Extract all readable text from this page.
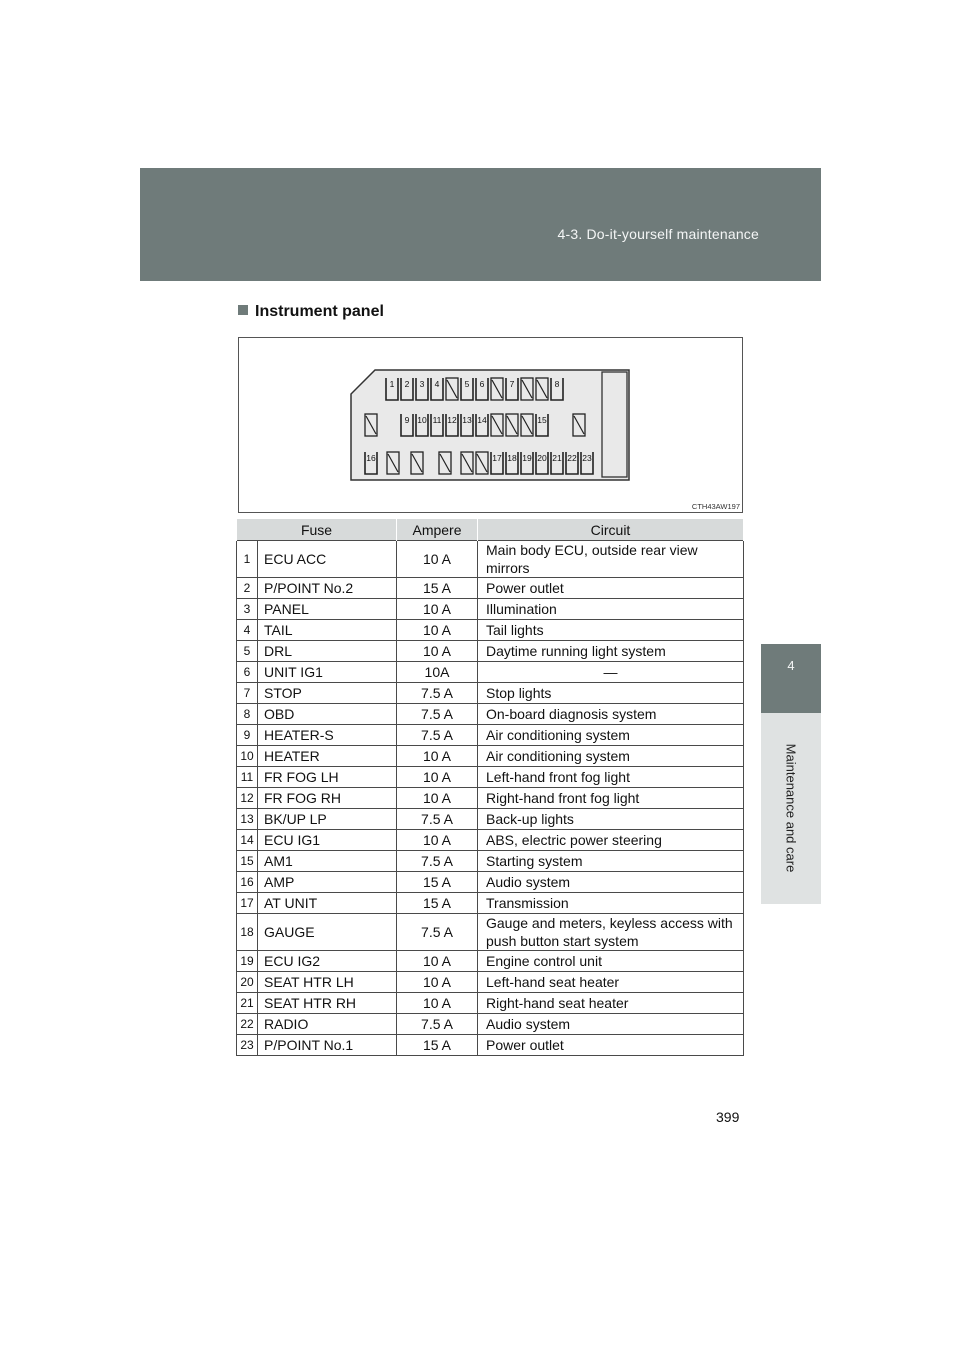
4-3. Do-it-yourself maintenance
4
Maintenance and care
Instrument panel
1 2 3 4	5 6	7	8
9 10 11 12 13 14	15
16	17 18 19 20 21 22 23
CTH43AW197
Fuse		Ampere	Circuit
1	ECU ACC	10 A	Main body ECU, outside rear view mirrors
2	P/POINT No.2	15 A	Power outlet
3	PANEL	10 A	Illumination
4	TAIL	10 A	Tail lights
5	DRL	10 A	Daytime running light system
6	UNIT IG1	10A	—
7	STOP	7.5 A	Stop lights
8	OBD	7.5 A	On-board diagnosis system
9	HEATER-S	7.5 A	Air conditioning system
10	HEATER	10 A	Air conditioning system
11	FR FOG LH	10 A	Left-hand front fog light
12	FR FOG RH	10 A	Right-hand front fog light
13	BK/UP LP	7.5 A	Back-up lights
14	ECU IG1	10 A	ABS, electric power steering
15	AM1	7.5 A	Starting system
16	AMP	15 A	Audio system
17	AT UNIT	15 A	Transmission
18	GAUGE	7.5 A	Gauge and meters, keyless access with push button start system
19	ECU IG2	10 A	Engine control unit
20	SEAT HTR LH	10 A	Left-hand seat heater
21	SEAT HTR RH	10 A	Right-hand seat heater
22	RADIO	7.5 A	Audio system
23	P/POINT No.1	15 A	Power outlet
399
